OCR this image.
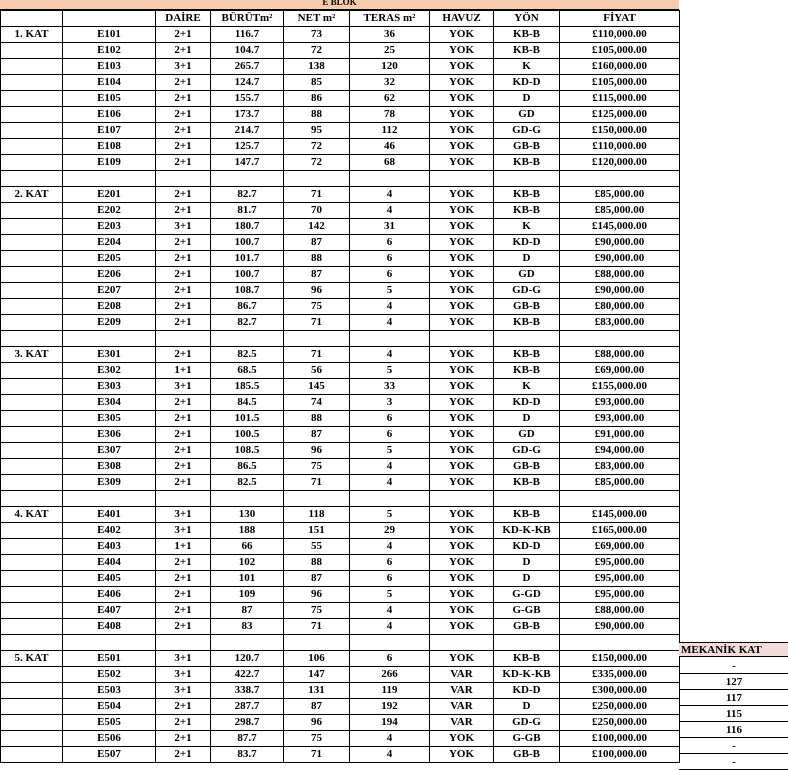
E BLOK
		DAİRE	BÜRÜTm²	NET m²	TERAS m²	HAVUZ	YÖN	FİYAT
1. KAT	E101	2+1	116.7	73	36	YOK	KB-B	£110,000.00
	E102	2+1	104.7	72	25	YOK	KB-B	£105,000.00
	E103	3+1	265.7	138	120	YOK	K	£160,000.00
	E104	2+1	124.7	85	32	YOK	KD-D	£105,000.00
	E105	2+1	155.7	86	62	YOK	D	£115,000.00
	E106	2+1	173.7	88	78	YOK	GD	£125,000.00
	E107	2+1	214.7	95	112	YOK	GD-G	£150,000.00
	E108	2+1	125.7	72	46	YOK	GB-B	£110,000.00
	E109	2+1	147.7	72	68	YOK	KB-B	£120,000.00

2. KAT	E201	2+1	82.7	71	4	YOK	KB-B	£85,000.00
	E202	2+1	81.7	70	4	YOK	KB-B	£85,000.00
	E203	3+1	180.7	142	31	YOK	K	£145,000.00
	E204	2+1	100.7	87	6	YOK	KD-D	£90,000.00
	E205	2+1	101.7	88	6	YOK	D	£90,000.00
	E206	2+1	100.7	87	6	YOK	GD	£88,000.00
	E207	2+1	108.7	96	5	YOK	GD-G	£90,000.00
	E208	2+1	86.7	75	4	YOK	GB-B	£80,000.00
	E209	2+1	82.7	71	4	YOK	KB-B	£83,000.00

3. KAT	E301	2+1	82.5	71	4	YOK	KB-B	£88,000.00
	E302	1+1	68.5	56	5	YOK	KB-B	£69,000.00
	E303	3+1	185.5	145	33	YOK	K	£155,000.00
	E304	2+1	84.5	74	3	YOK	KD-D	£93,000.00
	E305	2+1	101.5	88	6	YOK	D	£93,000.00
	E306	2+1	100.5	87	6	YOK	GD	£91,000.00
	E307	2+1	108.5	96	5	YOK	GD-G	£94,000.00
	E308	2+1	86.5	75	4	YOK	GB-B	£83,000.00
	E309	2+1	82.5	71	4	YOK	KB-B	£85,000.00

4. KAT	E401	3+1	130	118	5	YOK	KB-B	£145,000.00
	E402	3+1	188	151	29	YOK	KD-K-KB	£165,000.00
	E403	1+1	66	55	4	YOK	KD-D	£69,000.00
	E404	2+1	102	88	6	YOK	D	£95,000.00
	E405	2+1	101	87	6	YOK	D	£95,000.00
	E406	2+1	109	96	5	YOK	G-GD	£95,000.00
	E407	2+1	87	75	4	YOK	G-GB	£88,000.00
	E408	2+1	83	71	4	YOK	GB-B	£90,000.00

5. KAT	E501	3+1	120.7	106	6	YOK	KB-B	£150,000.00
	E502	3+1	422.7	147	266	VAR	KD-K-KB	£335,000.00
	E503	3+1	338.7	131	119	VAR	KD-D	£300,000.00
	E504	2+1	287.7	87	192	VAR	D	£250,000.00
	E505	2+1	298.7	96	194	VAR	GD-G	£250,000.00
	E506	2+1	87.7	75	4	YOK	G-GB	£100,000.00
	E507	2+1	83.7	71	4	YOK	GB-B	£100,000.00
MEKANİK KAT
-
127
117
115
116
-
-
